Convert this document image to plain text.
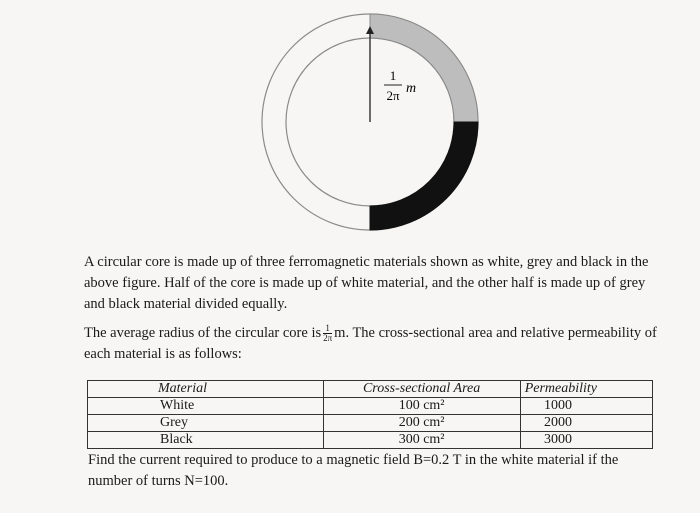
1
2π m

A circular core is made up of three ferromagnetic materials shown as white, grey and black in the above figure. Half of the core is made up of white material, and the other half is made up of grey and black material divided equally.

The average radius of the circular core is $\frac{1}{2\pi} m$. The cross-sectional area and relative permeability of each material is as follows:

Material	Cross-sectional Area	Permeability
White	100 cm²	1000
Grey	200 cm²	2000
Black	300 cm²	3000

Find the current required to produce to a magnetic field B=0.2 T in the white material if the number of turns N=100.
